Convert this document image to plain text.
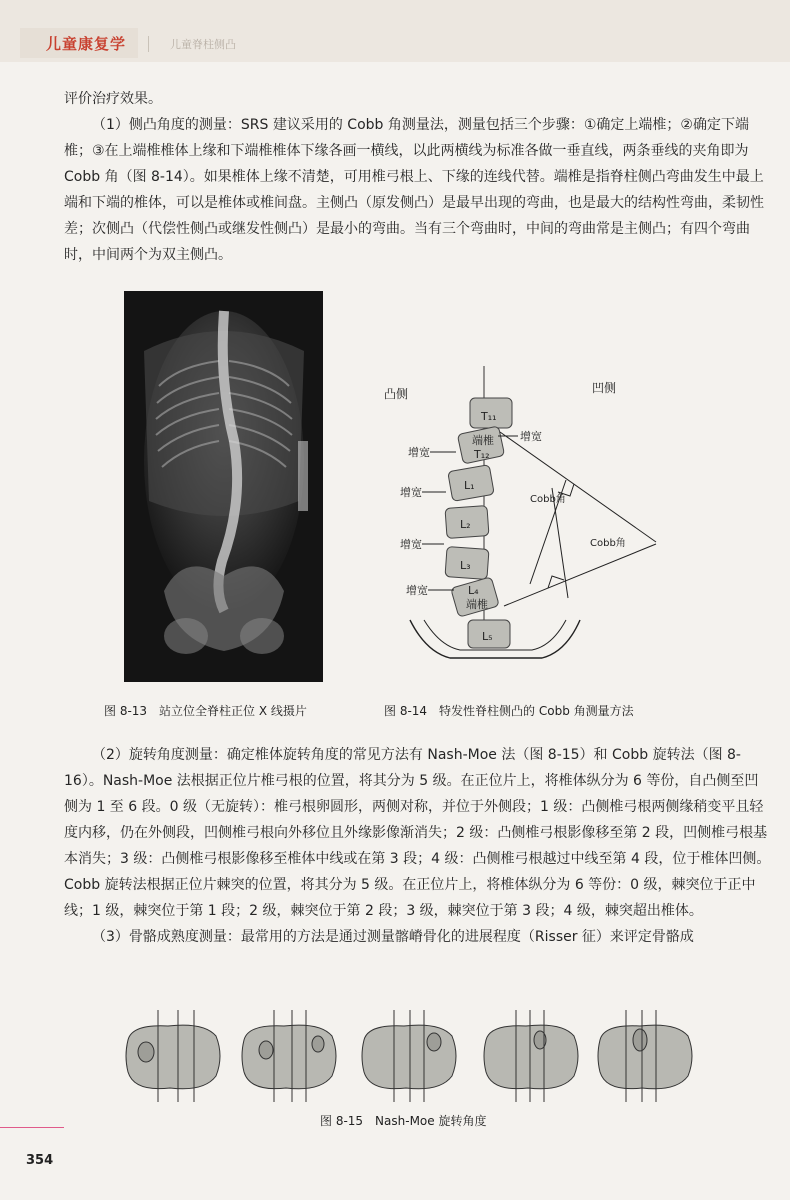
儿童康复学	儿童脊柱侧凸

评价治疗效果。

（1）侧凸角度的测量：SRS 建议采用的 Cobb 角测量法，测量包括三个步骤：①确定上端椎；②确定下端椎；③在上端椎椎体上缘和下端椎椎体下缘各画一横线，以此两横线为标准各做一垂直线，两条垂线的夹角即为 Cobb 角（图 8-14）。如果椎体上缘不清楚，可用椎弓根上、下缘的连线代替。端椎是指脊柱侧凸弯曲发生中最上端和下端的椎体，可以是椎体或椎间盘。主侧凸（原发侧凸）是最早出现的弯曲，也是最大的结构性弯曲，柔韧性差；次侧凸（代偿性侧凸或继发性侧凸）是最小的弯曲。当有三个弯曲时，中间的弯曲常是主侧凸；有四个弯曲时，中间两个为双主侧凸。

凸侧	凹侧
T₁₁
端椎
T₁₂
L₁
L₂
L₃
L₄
端椎
L₅
增宽
增宽
增宽
增宽
增宽
Cobb角
Cobb角
图 8-13　站立位全脊柱正位 X 线摄片	图 8-14　特发性脊柱侧凸的 Cobb 角测量方法

（2）旋转角度测量：确定椎体旋转角度的常见方法有 Nash-Moe 法（图 8-15）和 Cobb 旋转法（图 8-16）。Nash-Moe 法根据正位片椎弓根的位置，将其分为 5 级。在正位片上，将椎体纵分为 6 等份，自凸侧至凹侧为 1 至 6 段。0 级（无旋转）：椎弓根卵圆形，两侧对称，并位于外侧段；1 级：凸侧椎弓根两侧缘稍变平且轻度内移，仍在外侧段，凹侧椎弓根向外移位且外缘影像渐消失；2 级：凸侧椎弓根影像移至第 2 段，凹侧椎弓根基本消失；3 级：凸侧椎弓根影像移至椎体中线或在第 3 段；4 级：凸侧椎弓根越过中线至第 4 段，位于椎体凹侧。Cobb 旋转法根据正位片棘突的位置，将其分为 5 级。在正位片上，将椎体纵分为 6 等份：0 级，棘突位于正中线；1 级，棘突位于第 1 段；2 级，棘突位于第 2 段；3 级，棘突位于第 3 段；4 级，棘突超出椎体。

（3）骨骼成熟度测量：最常用的方法是通过测量髂嵴骨化的进展程度（Risser 征）来评定骨骼成

图 8-15　Nash-Moe 旋转角度
354
